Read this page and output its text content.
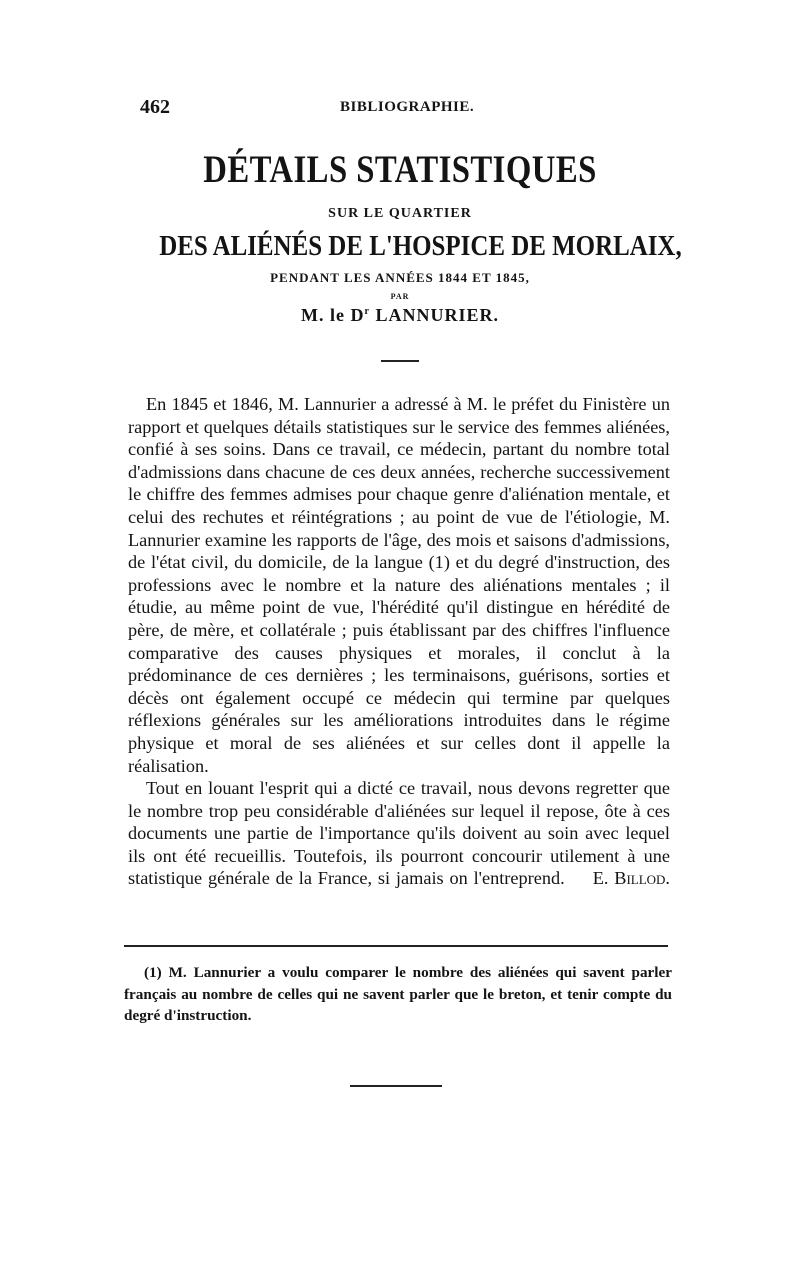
462	BIBLIOGRAPHIE.
DÉTAILS STATISTIQUES
SUR LE QUARTIER
DES ALIÉNÉS DE L'HOSPICE DE MORLAIX,
PENDANT LES ANNÉES 1844 ET 1845,
PAR
M. le $D^r$ LANNURIER.

En 1845 et 1846, M. Lannurier a adressé à M. le préfet du Finistère un rapport et quelques détails statistiques sur le service des femmes aliénées, confié à ses soins. Dans ce travail, ce médecin, partant du nombre total d'admissions dans chacune de ces deux années, recherche successivement le chiffre des femmes admises pour chaque genre d'aliénation mentale, et celui des rechutes et réintégrations ; au point de vue de l'étiologie, M. Lannurier examine les rapports de l'âge, des mois et saisons d'admissions, de l'état civil, du domicile, de la langue (1) et du degré d'instruction, des professions avec le nombre et la nature des aliénations mentales ; il étudie, au même point de vue, l'hérédité qu'il distingue en hérédité de père, de mère, et collatérale ; puis établissant par des chiffres l'influence comparative des causes physiques et morales, il conclut à la prédominance de ces dernières ; les terminaisons, guérisons, sorties et décès ont également occupé ce médecin qui termine par quelques réflexions générales sur les améliorations introduites dans le régime physique et moral de ses aliénées et sur celles dont il appelle la réalisation.

Tout en louant l'esprit qui a dicté ce travail, nous devons regretter que le nombre trop peu considérable d'aliénées sur lequel il repose, ôte à ces documents une partie de l'importance qu'ils doivent au soin avec lequel ils ont été recueillis. Toutefois, ils pourront concourir utilement à une statistique générale de la France, si jamais on l'entreprend. E. Billod.

(1) M. Lannurier a voulu comparer le nombre des aliénées qui savent parler français au nombre de celles qui ne savent parler que le breton, et tenir compte du degré d'instruction.
